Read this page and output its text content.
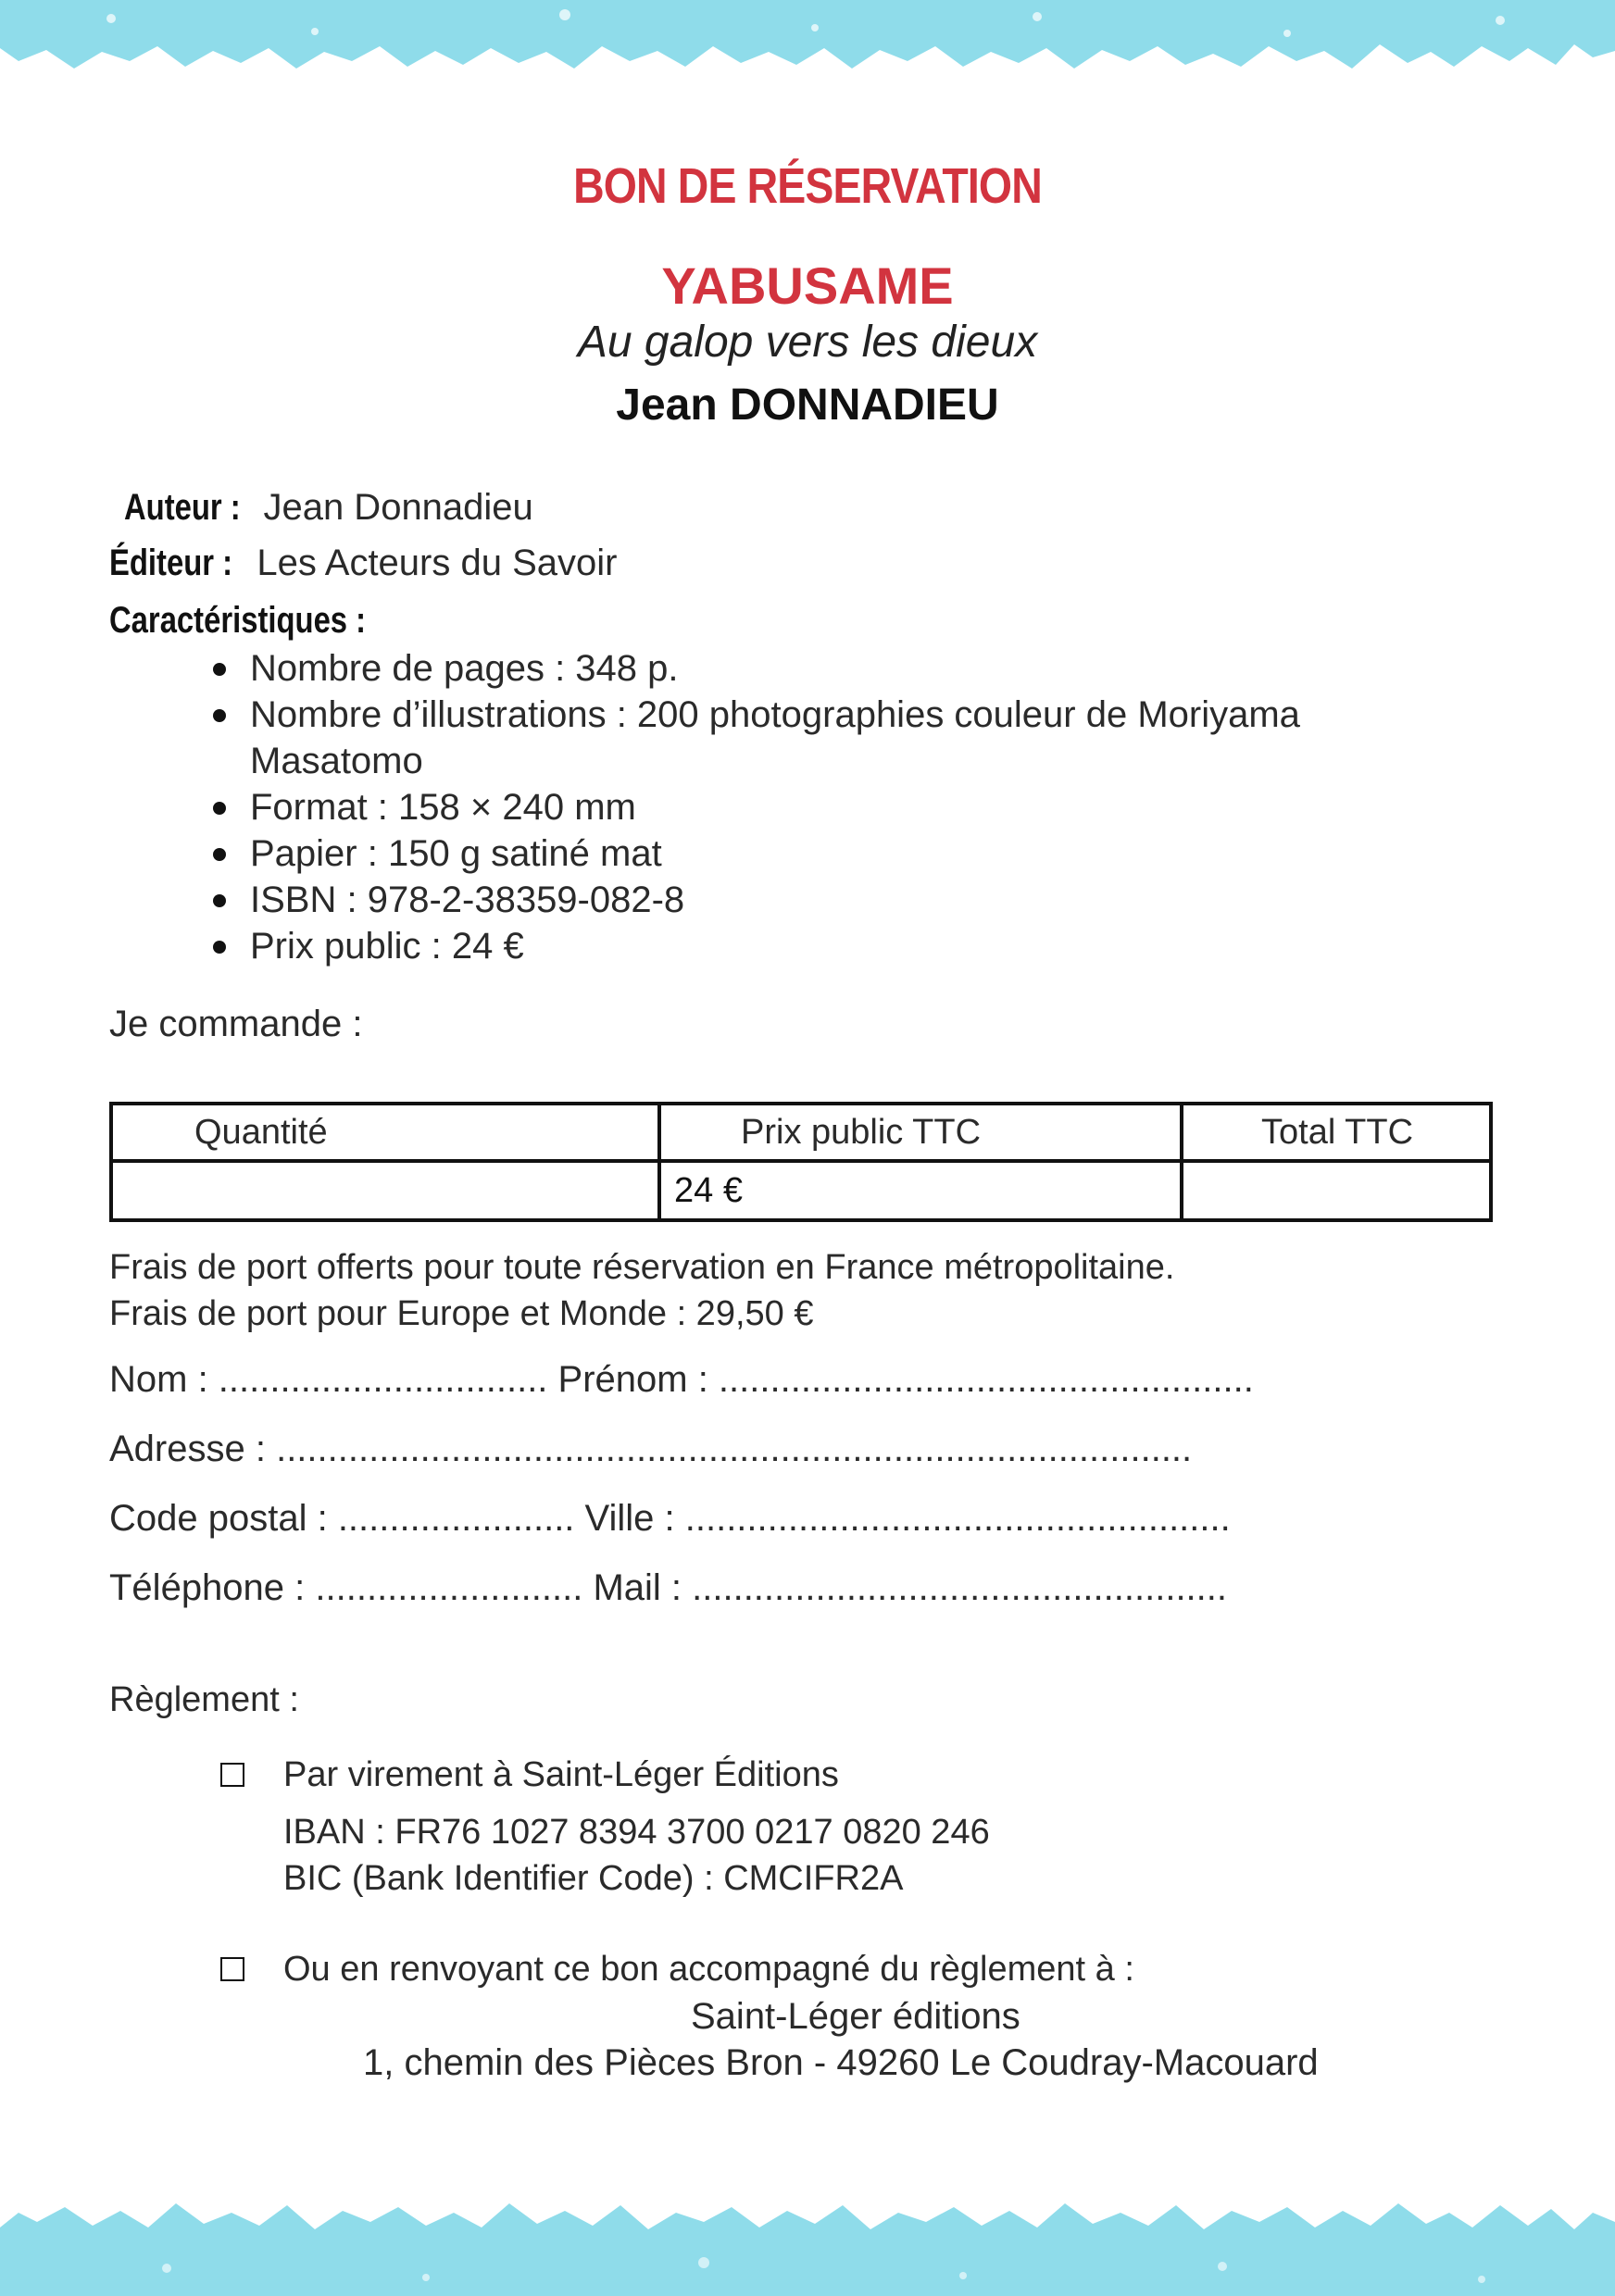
BON DE RÉSERVATION
YABUSAME
Au galop vers les dieux
Jean DONNADIEU
Auteur : Jean Donnadieu
Éditeur : Les Acteurs du Savoir
Caractéristiques :
Nombre de pages : 348 p.
Nombre d’illustrations : 200 photographies couleur de Moriyama
Masatomo
Format : 158 × 240 mm
Papier : 150 g satiné mat
ISBN : 978-2-38359-082-8
Prix public : 24 €
Je commande :
Quantité	Prix public TTC	Total TTC
	24 €	
Frais de port offerts pour toute réservation en France métropolitaine.
Frais de port pour Europe et Monde : 29,50 €
Nom : ................................ Prénom : ....................................................
Adresse : .........................................................................................
Code postal : ....................... Ville : .....................................................
Téléphone : .......................... Mail : ....................................................
Règlement :
Par virement à Saint-Léger Éditions
IBAN : FR76 1027 8394 3700 0217 0820 246
BIC (Bank Identifier Code) : CMCIFR2A
Ou en renvoyant ce bon accompagné du règlement à :
Saint-Léger éditions
1, chemin des Pièces Bron - 49260 Le Coudray-Macouard
